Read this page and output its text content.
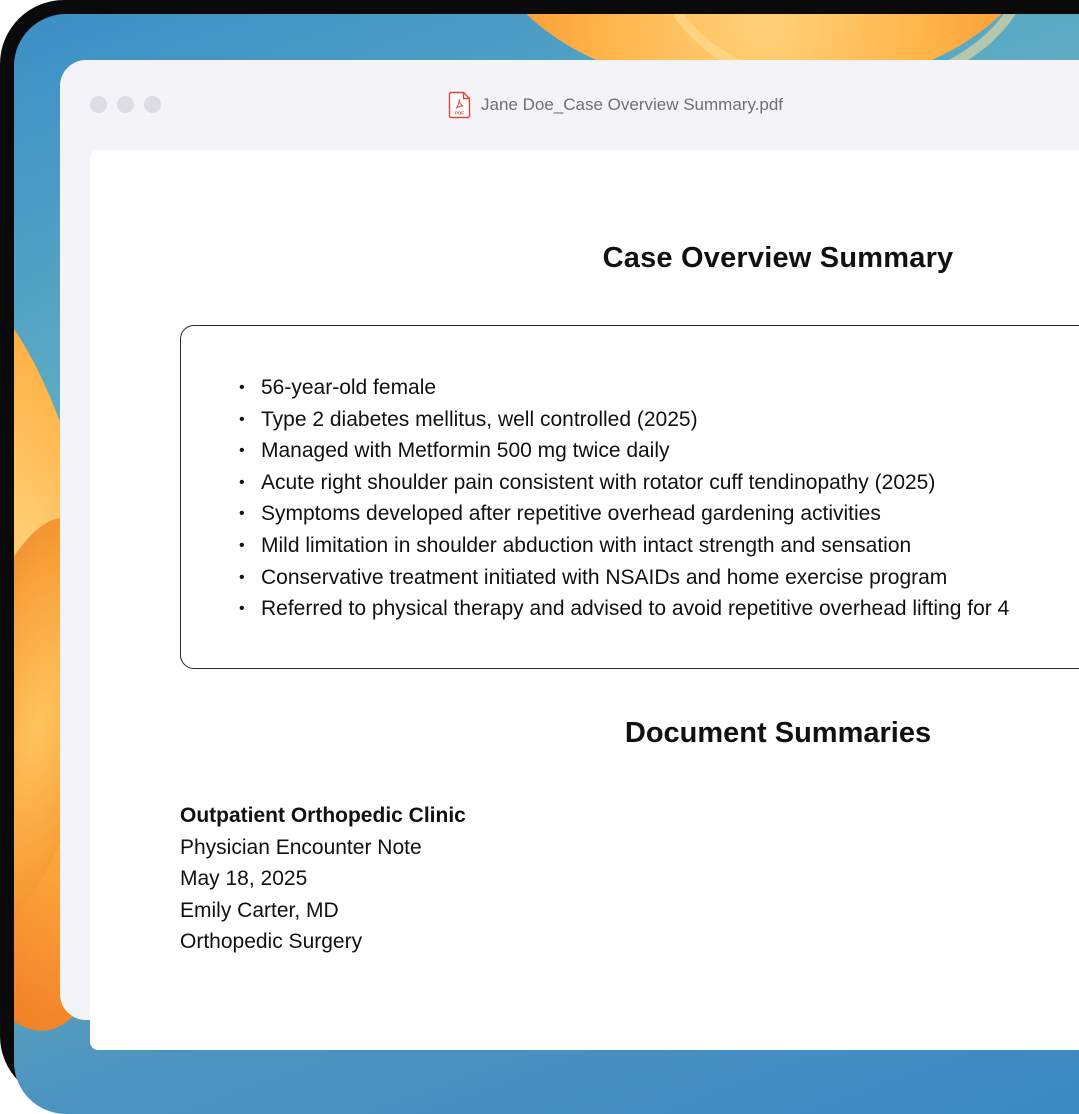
PDF Jane Doe_Case Overview Summary.pdf
Case Overview Summary
• 56-year-old female
• Type 2 diabetes mellitus, well controlled (2025)
• Managed with Metformin 500 mg twice daily
• Acute right shoulder pain consistent with rotator cuff tendinopathy (2025)
• Symptoms developed after repetitive overhead gardening activities
• Mild limitation in shoulder abduction with intact strength and sensation
• Conservative treatment initiated with NSAIDs and home exercise program
• Referred to physical therapy and advised to avoid repetitive overhead lifting for 4
Document Summaries
Outpatient Orthopedic Clinic
Physician Encounter Note
May 18, 2025
Emily Carter, MD
Orthopedic Surgery
